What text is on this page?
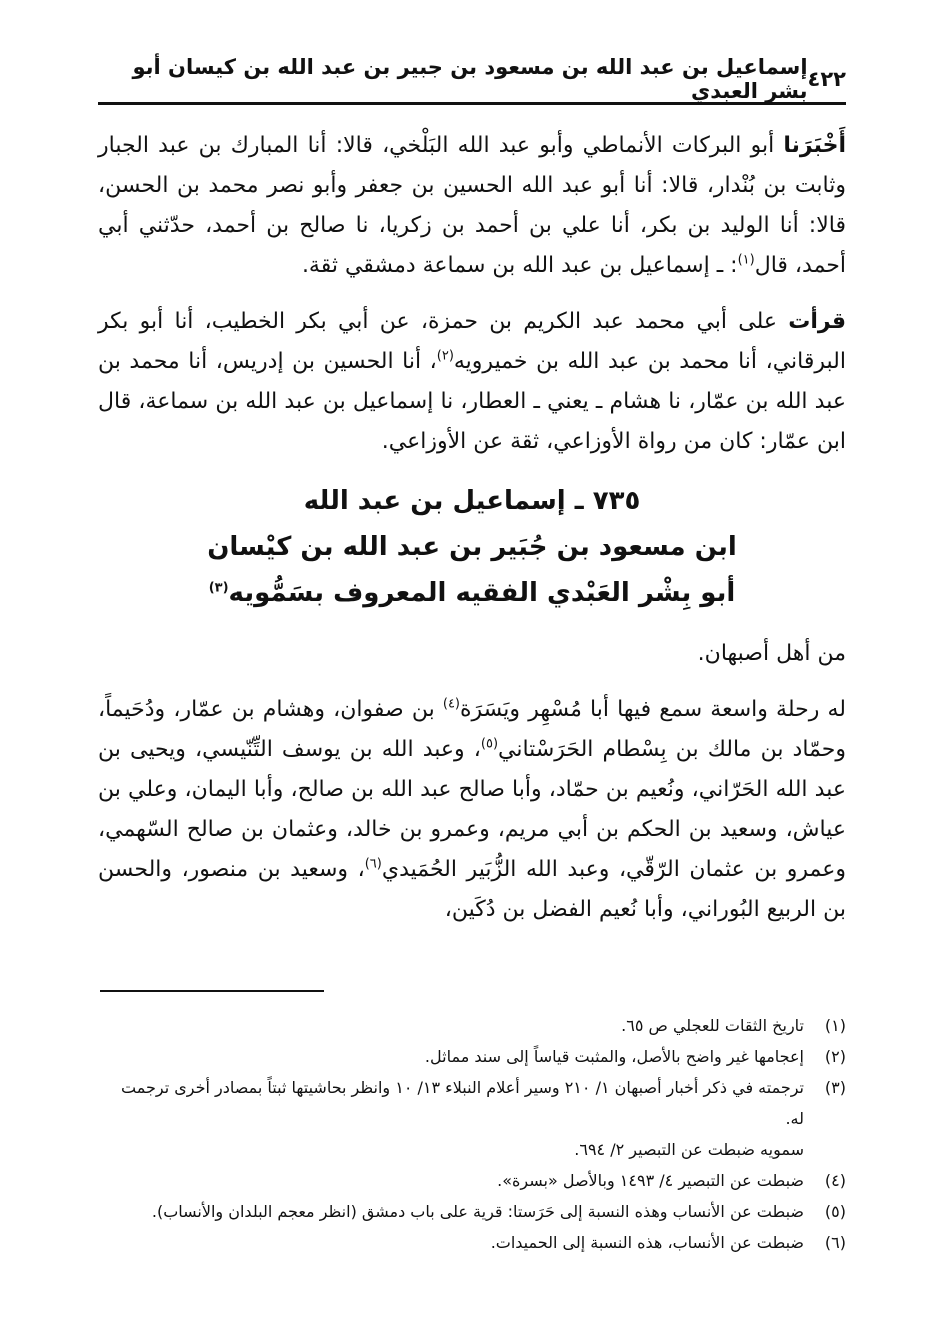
٤٢٢
إسماعيل بن عبد الله بن مسعود بن جبير بن عبد الله بن كيسان أبو بشر العبدي

أَخْبَرَنا أبو البركات الأنماطي وأبو عبد الله البَلْخي، قالا: أنا المبارك بن عبد الجبار وثابت بن بُنْدار، قالا: أنا أبو عبد الله الحسين بن جعفر وأبو نصر محمد بن الحسن، قالا: أنا الوليد بن بكر، أنا علي بن أحمد بن زكريا، نا صالح بن أحمد، حدّثني أبي أحمد، قال$^{(١)}$: ـ إسماعيل بن عبد الله بن سماعة دمشقي ثقة.

قرأت على أبي محمد عبد الكريم بن حمزة، عن أبي بكر الخطيب، أنا أبو بكر البرقاني، أنا محمد بن عبد الله بن خميرويه$^{(٢)}$، أنا الحسين بن إدريس، أنا محمد بن عبد الله بن عمّار، نا هشام ـ يعني ـ العطار، نا إسماعيل بن عبد الله بن سماعة، قال ابن عمّار: كان من رواة الأوزاعي، ثقة عن الأوزاعي.

٧٣٥ ـ إسماعيل بن عبد الله
ابن مسعود بن جُبَير بن عبد الله بن كيْسان
أبو بِشْر العَبْدي الفقيه المعروف بسَمُّويه$^{(٣)}$

من أهل أصبهان.

له رحلة واسعة سمع فيها أبا مُسْهِر ويَسَرَة$^{(٤)}$ بن صفوان، وهشام بن عمّار، ودُحَيماً، وحمّاد بن مالك بن بِسْطام الحَرَسْتاني$^{(٥)}$، وعبد الله بن يوسف التِّنّيسي، ويحيى بن عبد الله الحَرّاني، ونُعيم بن حمّاد، وأبا صالح عبد الله بن صالح، وأبا اليمان، وعلي بن عياش، وسعيد بن الحكم بن أبي مريم، وعمرو بن خالد، وعثمان بن صالح السّهمي، وعمرو بن عثمان الرّقّي، وعبد الله الزُّبَير الحُمَيدي$^{(٦)}$، وسعيد بن منصور، والحسن بن الربيع البُوراني، وأبا نُعيم الفضل بن دُكَين،

(١)
تاريخ الثقات للعجلي ص ٦٥.
(٢)
إعجامها غير واضح بالأصل، والمثبت قياساً إلى سند مماثل.
(٣)
ترجمته في ذكر أخبار أصبهان ١/ ٢١٠ وسير أعلام النبلاء ١٣/ ١٠ وانظر بحاشيتها ثبتاً بمصادر أخرى ترجمت له.
سمويه ضبطت عن التبصير ٢/ ٦٩٤.
(٤)
ضبطت عن التبصير ٤/ ١٤٩٣ وبالأصل «بسرة».
(٥)
ضبطت عن الأنساب وهذه النسبة إلى حَرَستا: قرية على باب دمشق (انظر معجم البلدان والأنساب).
(٦)
ضبطت عن الأنساب، هذه النسبة إلى الحميدات.
